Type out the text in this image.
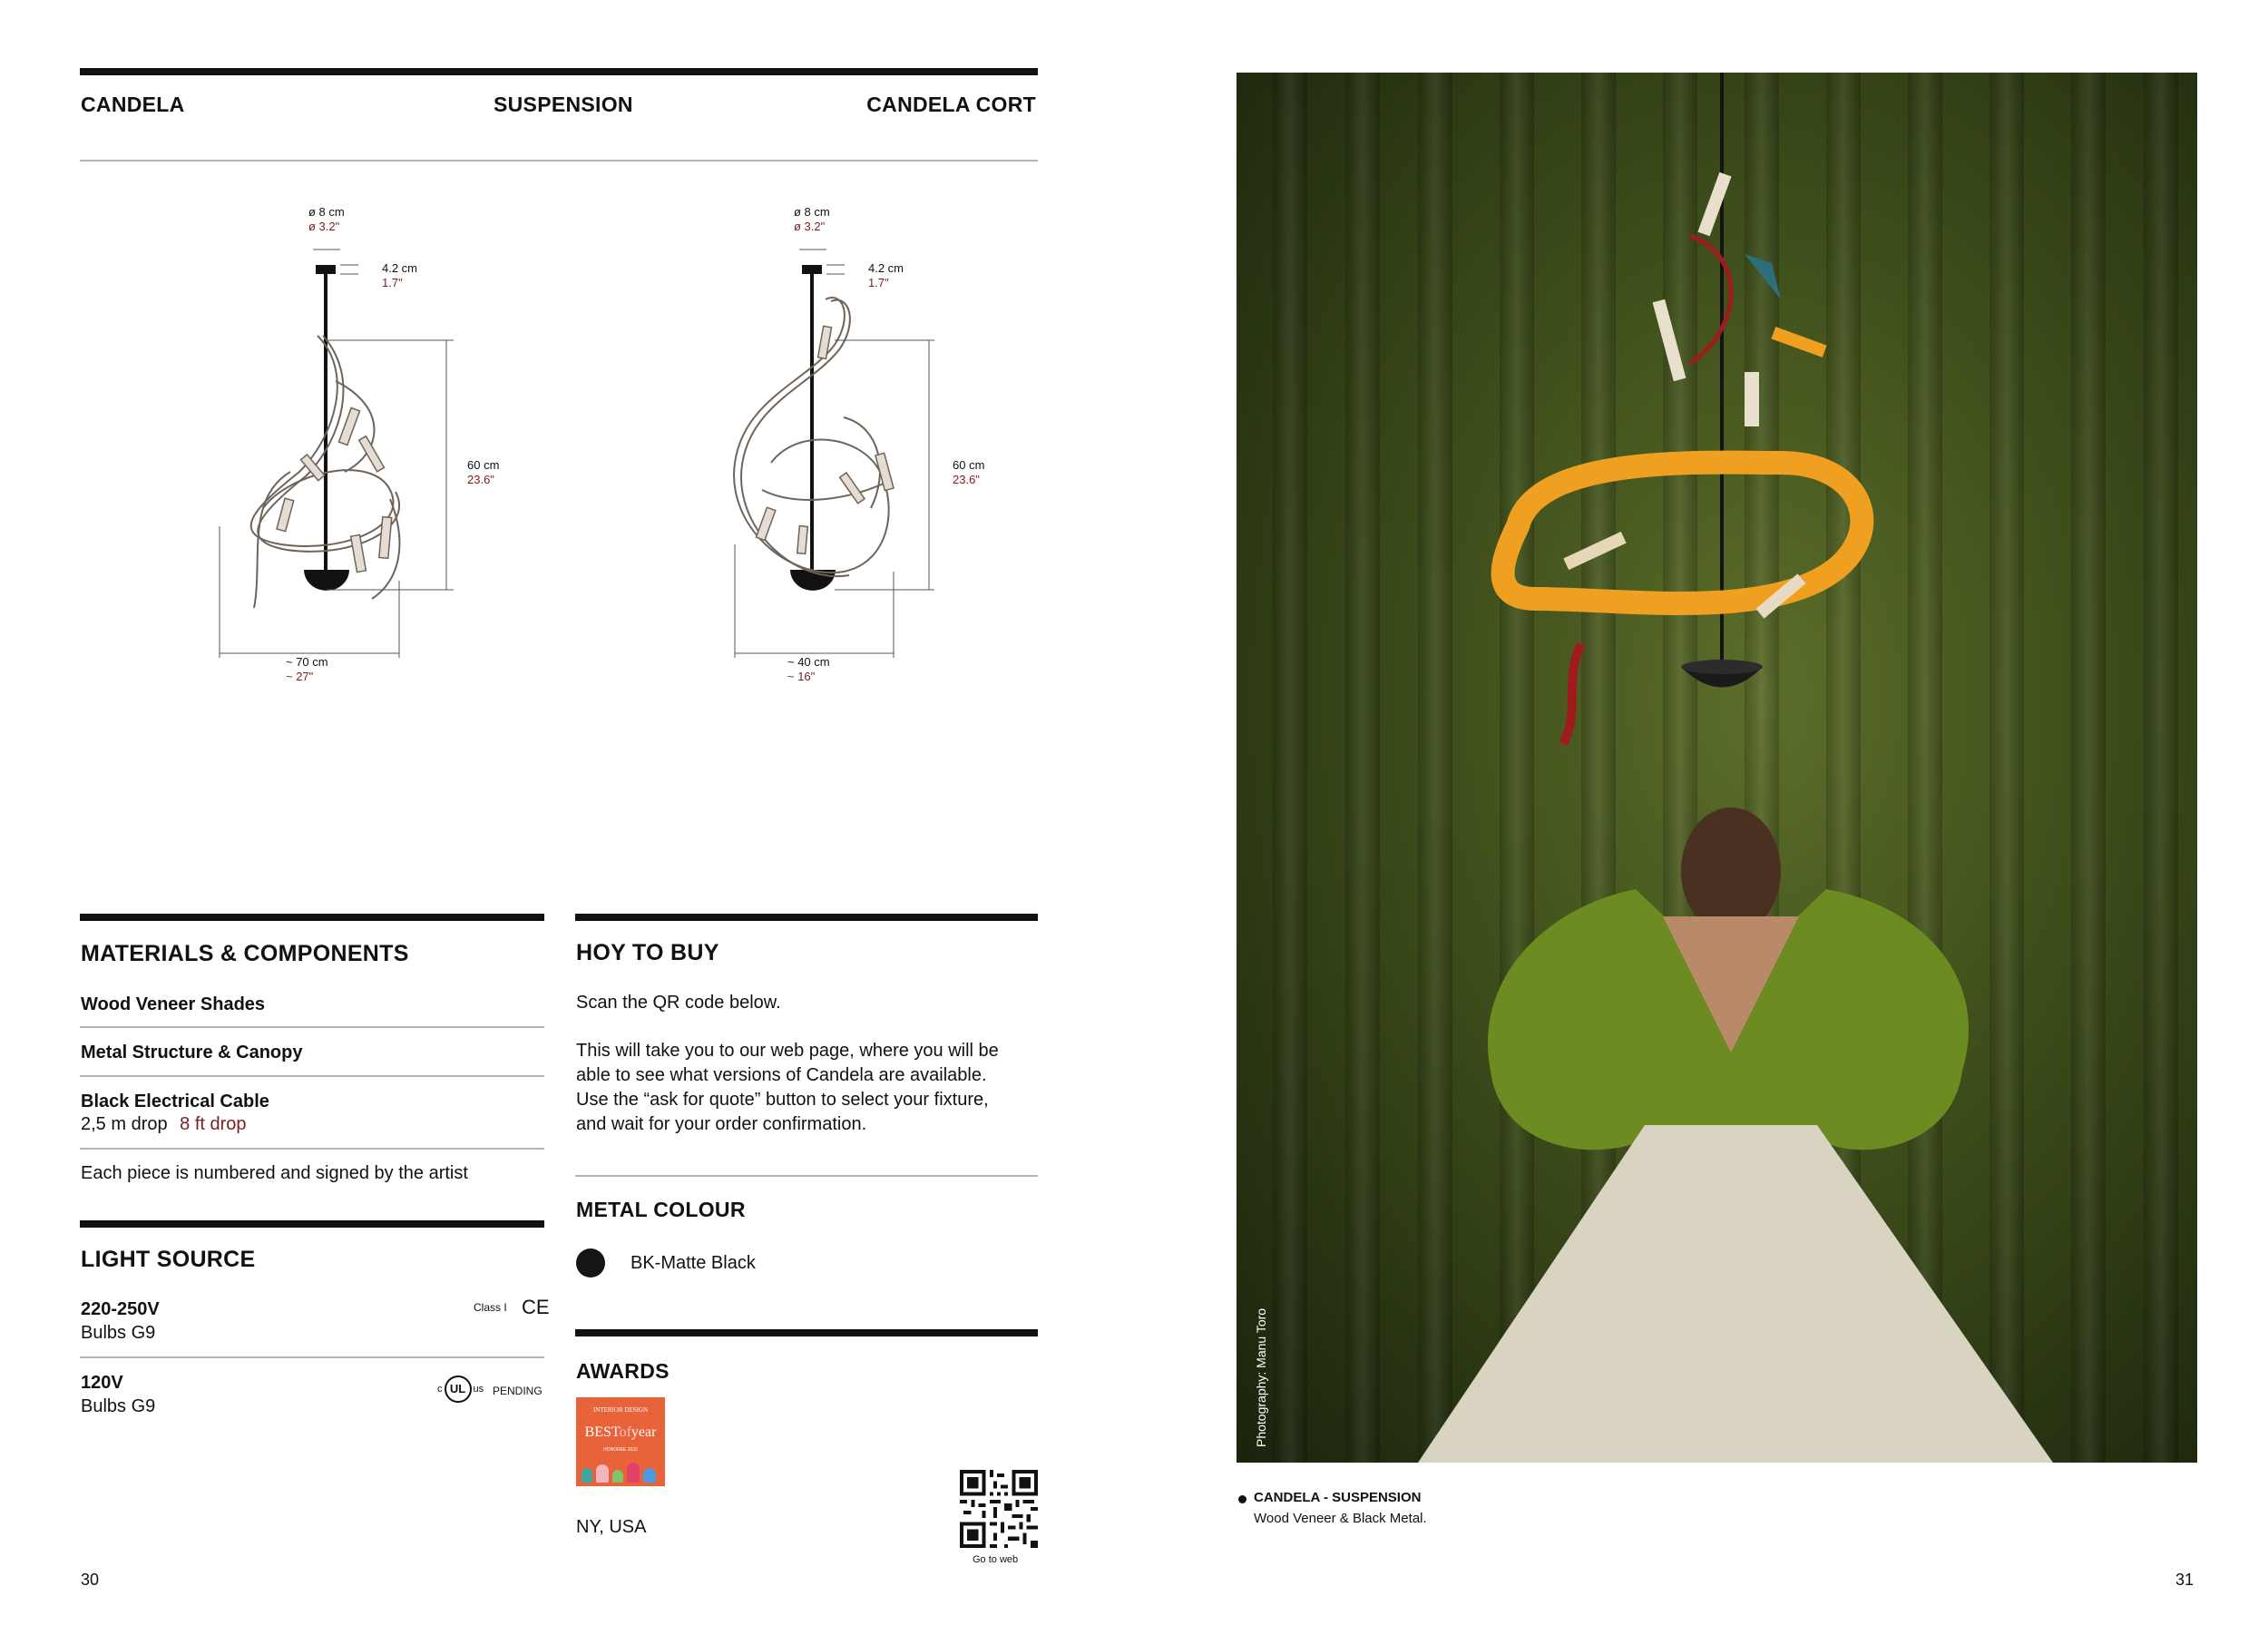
CANDELA	SUSPENSION	CANDELA CORT
ø 8 cm
ø 3.2"
4.2 cm
1.7"
60 cm
23.6"
~ 70 cm
~ 27"
ø 8 cm
ø 3.2"
4.2 cm
1.7"
60 cm
23.6"
~ 40 cm
~ 16"
MATERIALS & COMPONENTS
Wood Veneer Shades
Metal Structure & Canopy
Black Electrical Cable
2,5 m drop 8 ft drop
Each piece is numbered and signed by the artist
LIGHT SOURCE
220-250V
Bulbs G9
Class I CE
120V
Bulbs G9
c UL us PENDING
HOY TO BUY
Scan the QR code below.
This will take you to our web page, where you will be
able to see what versions of Candela are available.
Use the “ask for quote” button to select your fixture,
and wait for your order confirmation.
METAL COLOUR
BK-Matte Black
AWARDS
INTERIOR DESIGN
BESTofyear
HONOREE 2022
NY, USA
Go to web
30
Photography: Manu Toro
CANDELA - SUSPENSION
Wood Veneer & Black Metal.
31
